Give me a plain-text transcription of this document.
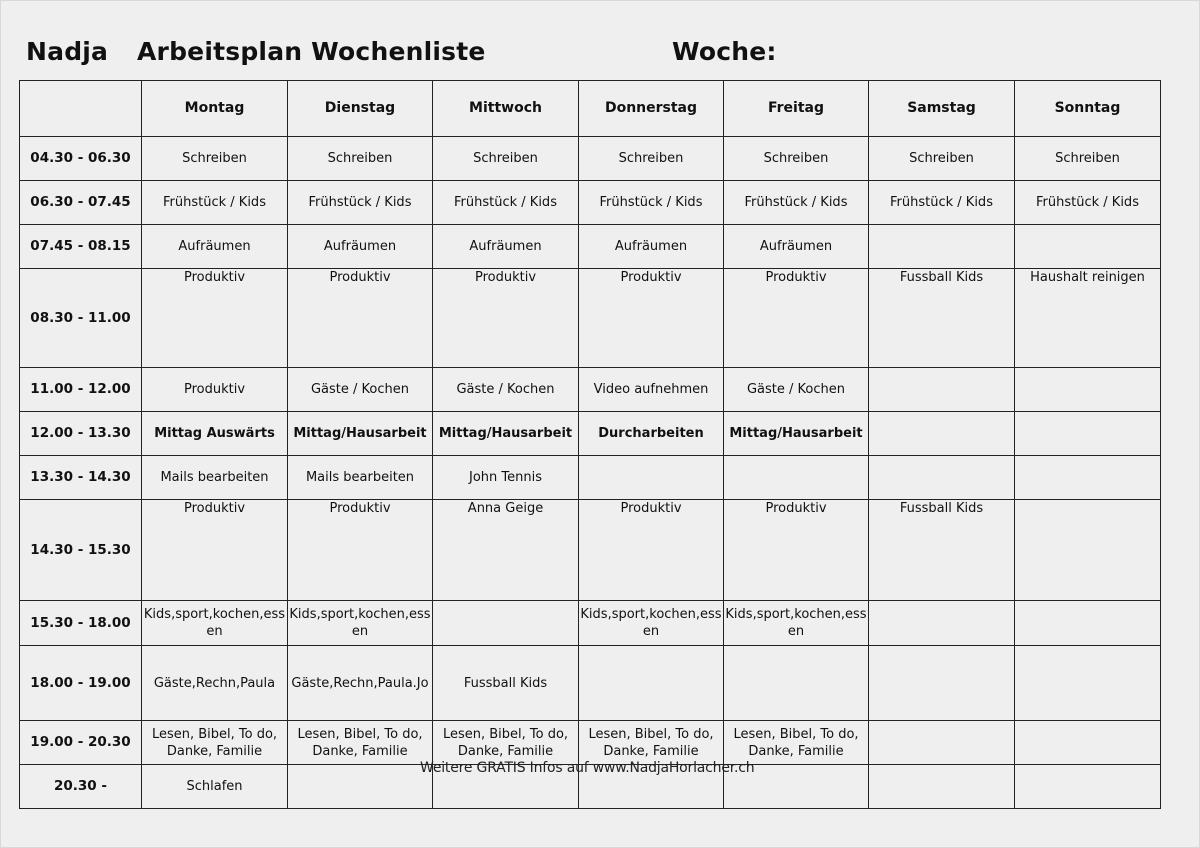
Nadja Arbeitsplan Wochenliste	Woche:
	Montag	Dienstag	Mittwoch	Donnerstag	Freitag	Samstag	Sonntag
04.30 - 06.30	Schreiben	Schreiben	Schreiben	Schreiben	Schreiben	Schreiben	Schreiben
06.30 - 07.45	Frühstück / Kids	Frühstück / Kids	Frühstück / Kids	Frühstück / Kids	Frühstück / Kids	Frühstück / Kids	Frühstück / Kids
07.45 - 08.15	Aufräumen	Aufräumen	Aufräumen	Aufräumen	Aufräumen		
08.30 - 11.00	Produktiv	Produktiv	Produktiv	Produktiv	Produktiv	Fussball Kids	Haushalt reinigen
11.00 - 12.00	Produktiv	Gäste / Kochen	Gäste / Kochen	Video aufnehmen	Gäste / Kochen		
12.00 - 13.30	Mittag Auswärts	Mittag/Hausarbeit	Mittag/Hausarbeit	Durcharbeiten	Mittag/Hausarbeit		
13.30 - 14.30	Mails bearbeiten	Mails bearbeiten	John Tennis				
14.30 - 15.30	Produktiv	Produktiv	Anna Geige	Produktiv	Produktiv	Fussball Kids	
15.30 - 18.00	Kids,sport,kochen,essen	Kids,sport,kochen,essen		Kids,sport,kochen,essen	Kids,sport,kochen,essen		
18.00 - 19.00	Gäste,Rechn,Paula	Gäste,Rechn,Paula.Jo	Fussball Kids				
19.00 - 20.30	Lesen, Bibel, To do, Danke, Familie	Lesen, Bibel, To do, Danke, Familie	Lesen, Bibel, To do, Danke, Familie	Lesen, Bibel, To do, Danke, Familie	Lesen, Bibel, To do, Danke, Familie		
20.30 -	Schlafen						
Weitere GRATIS Infos auf www.NadjaHorlacher.ch
